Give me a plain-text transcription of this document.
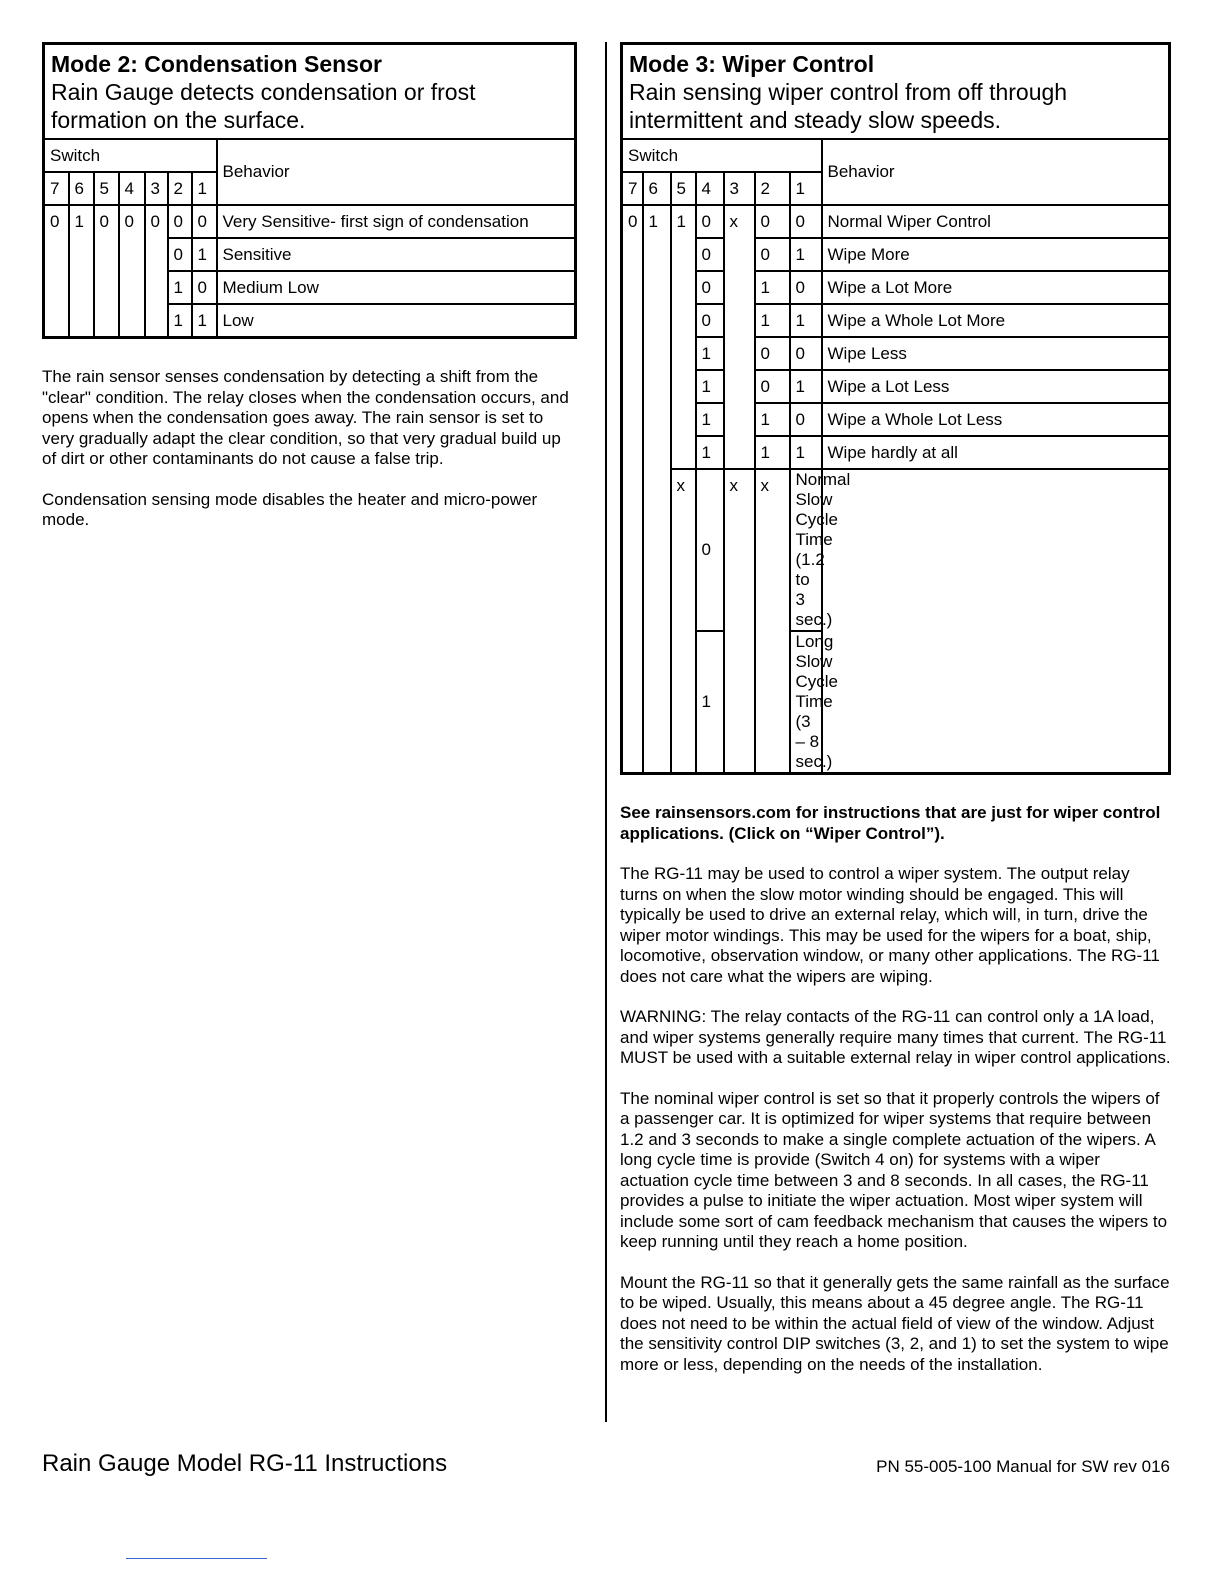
Mode 2: Condensation Sensor
Rain Gauge detects condensation or frost formation on the surface.							

Switch							Behavior
7	6	5	4	3	2	1	
0	1	0	0	0	0	0	Very Sensitive- first sign of condensation
					0	1	Sensitive
					1	0	Medium Low
					1	1	Low

The rain sensor senses condensation by detecting a shift from the "clear" condition. The relay closes when the condensation occurs, and opens when the condensation goes away. The rain sensor is set to very gradually adapt the clear condition, so that very gradual build up of dirt or other contaminants do not cause a false trip.

Condensation sensing mode disables the heater and micro-power mode.

Mode 3: Wiper Control
Rain sensing wiper control from off through intermittent and steady slow speeds.							

Switch							Behavior
7	6	5	4	3	2	1	
0	1	1	0	x	0	0	Normal Wiper Control
			0		0	1	Wipe More
			0		1	0	Wipe a Lot More
			0		1	1	Wipe a Whole Lot More
			1		0	0	Wipe Less
			1		0	1	Wipe a Lot Less
			1		1	0	Wipe a Whole Lot Less
			1		1	1	Wipe hardly at all
		x	0	x	x	Normal Slow Cycle Time (1.2 to 3 sec.)	
			1			Long Slow Cycle Time (3 – 8 sec.)	

See rainsensors.com for instructions that are just for wiper control applications. (Click on “Wiper Control”).

The RG-11 may be used to control a wiper system. The output relay turns on when the slow motor winding should be engaged. This will typically be used to drive an external relay, which will, in turn, drive the wiper motor windings. This may be used for the wipers for a boat, ship, locomotive, observation window, or many other applications. The RG-11 does not care what the wipers are wiping.

WARNING: The relay contacts of the RG-11 can control only a 1A load, and wiper systems generally require many times that current. The RG-11 MUST be used with a suitable external relay in wiper control applications.

The nominal wiper control is set so that it properly controls the wipers of a passenger car. It is optimized for wiper systems that require between 1.2 and 3 seconds to make a single complete actuation of the wipers. A long cycle time is provide (Switch 4 on) for systems with a wiper actuation cycle time between 3 and 8 seconds. In all cases, the RG-11 provides a pulse to initiate the wiper actuation. Most wiper system will include some sort of cam feedback mechanism that causes the wipers to keep running until they reach a home position.

Mount the RG-11 so that it generally gets the same rainfall as the surface to be wiped. Usually, this means about a 45 degree angle. The RG-11 does not need to be within the actual field of view of the window. Adjust the sensitivity control DIP switches (3, 2, and 1) to set the system to wipe more or less, depending on the needs of the installation.

Rain Gauge Model RG-11 Instructions	PN 55-005-100 Manual for SW rev 016
